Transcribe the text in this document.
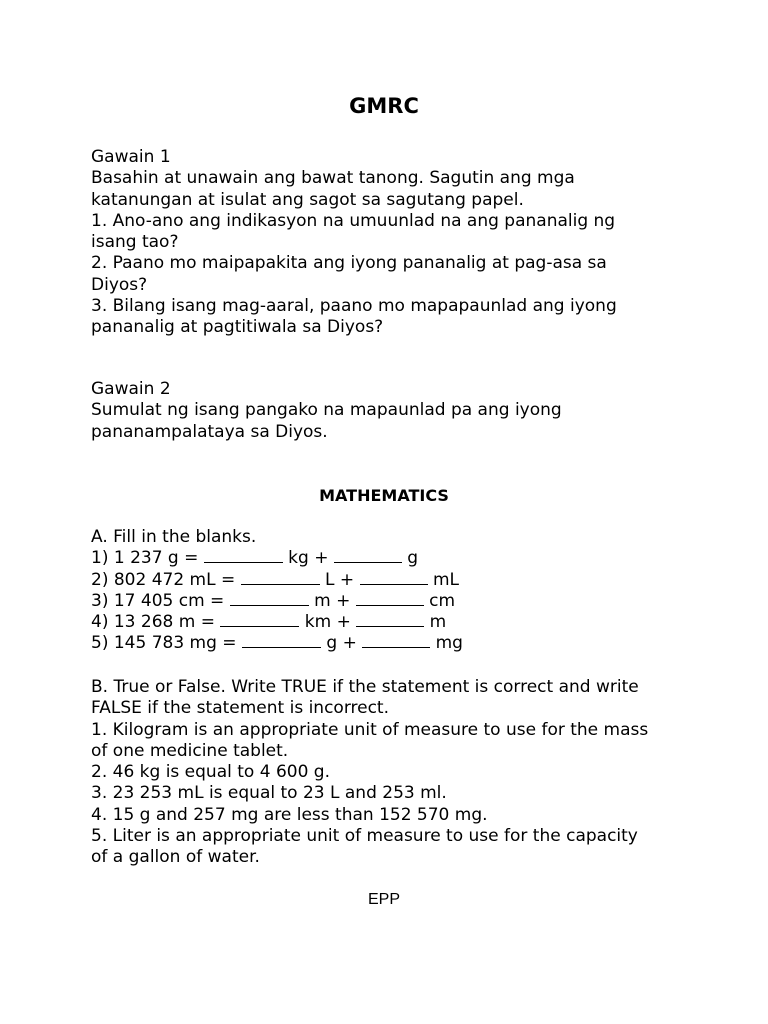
GMRC

Gawain 1

Basahin at unawain ang bawat tanong. Sagutin ang mga

katanungan at isulat ang sagot sa sagutang papel.

1. Ano-ano ang indikasyon na umuunlad na ang pananalig ng

isang tao?

2. Paano mo maipapakita ang iyong pananalig at pag-asa sa

Diyos?

3. Bilang isang mag-aaral, paano mo mapapaunlad ang iyong

pananalig at pagtitiwala sa Diyos?

Gawain 2

Sumulat ng isang pangako na mapaunlad pa ang iyong

pananampalataya sa Diyos.

MATHEMATICS

A. Fill in the blanks.

1) 1 237 g =	kg +	g

2) 802 472 mL =	L +	mL

3) 17 405 cm =	m +	cm

4) 13 268 m =	km +	m

5) 145 783 mg =	g +	mg

B. True or False. Write TRUE if the statement is correct and write

FALSE if the statement is incorrect.

1. Kilogram is an appropriate unit of measure to use for the mass

of one medicine tablet.

2. 46 kg is equal to 4 600 g.

3. 23 253 mL is equal to 23 L and 253 ml.

4. 15 g and 257 mg are less than 152 570 mg.

5. Liter is an appropriate unit of measure to use for the capacity

of a gallon of water.

EPP
